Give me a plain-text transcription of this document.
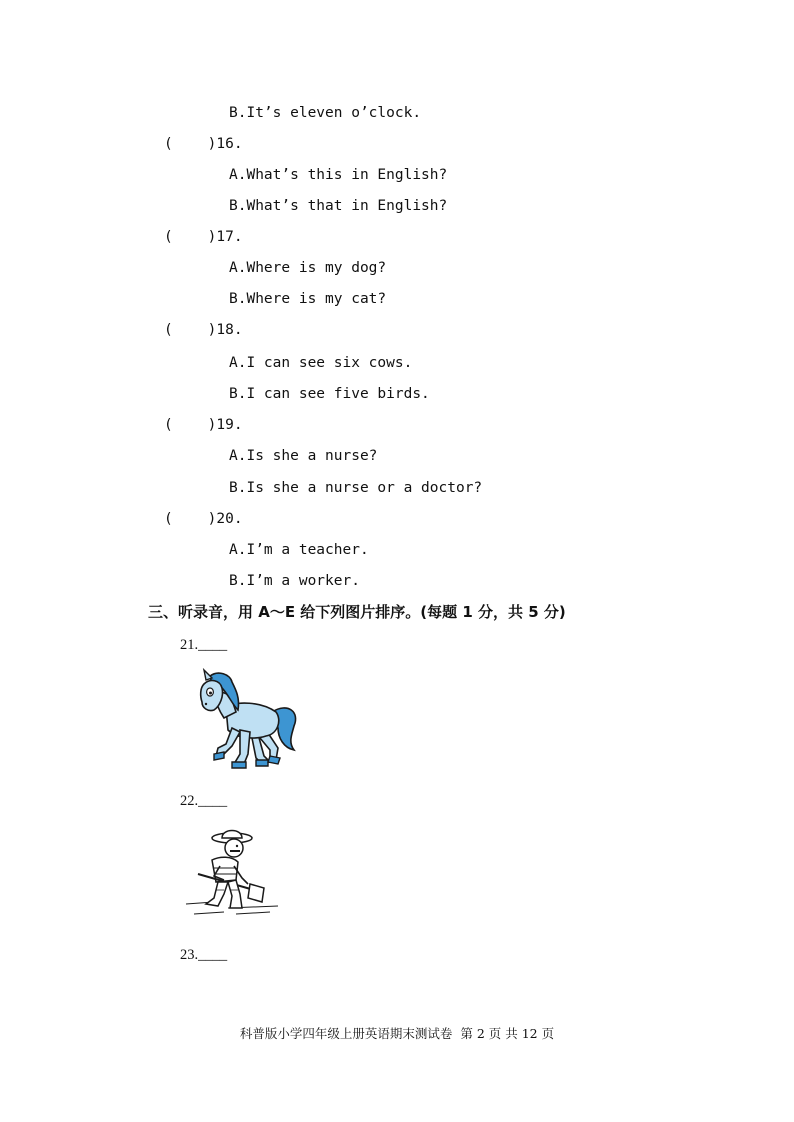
B.It’s eleven o’clock.
(    )16.
A.What’s this in English?
B.What’s that in English?
(    )17.
A.Where is my dog?
B.Where is my cat?
(    )18.
A.I can see six cows.
B.I can see five birds.
(    )19.
A.Is she a nurse?
B.Is she a nurse or a doctor?
(    )20.
A.I’m a teacher.
B.I’m a worker.
三、听录音，用 A～E 给下列图片排序。(每题 1 分，共 5 分)
21.____
22.____
23.____
科普版小学四年级上册英语期末测试卷  第 2 页 共 12 页
